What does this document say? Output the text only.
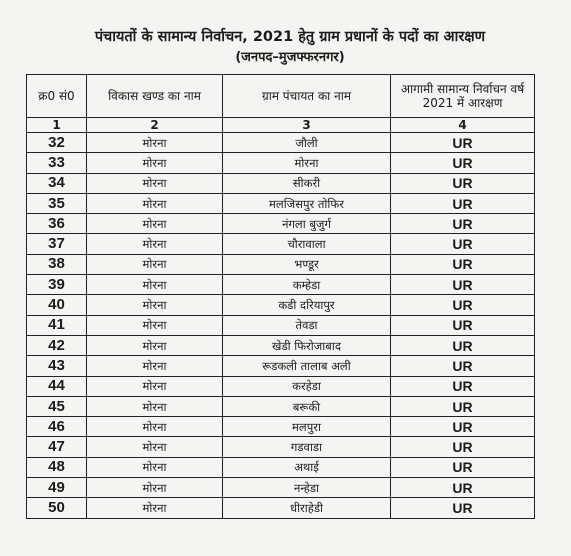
पंचायतों के सामान्य निर्वाचन, 2021 हेतु ग्राम प्रधानों के पदों का आरक्षण
(जनपद–मुजफ्फरनगर)
क्र0 सं0	विकास खण्ड का नाम	ग्राम पंचायत का नाम	आगामी सामान्य निर्वाचन वर्ष 2021 में आरक्षण
1	2	3	4
32	मोरना	जौली	UR
33	मोरना	मोरना	UR
34	मोरना	सीकरी	UR
35	मोरना	मलजिसपुर तोफिर	UR
36	मोरना	नंगला बुजुर्ग	UR
37	मोरना	चौरावाला	UR
38	मोरना	भण्डूर	UR
39	मोरना	कम्हेडा	UR
40	मोरना	कडी दरियापुर	UR
41	मोरना	तेवडा	UR
42	मोरना	खेडी फिरोजाबाद	UR
43	मोरना	रूडकली तालाब अली	UR
44	मोरना	करहेडा	UR
45	मोरना	बरूकी	UR
46	मोरना	मलपुरा	UR
47	मोरना	गडवाडा	UR
48	मोरना	अथाई	UR
49	मोरना	नन्हेडा	UR
50	मोरना	धीराहेडी	UR
